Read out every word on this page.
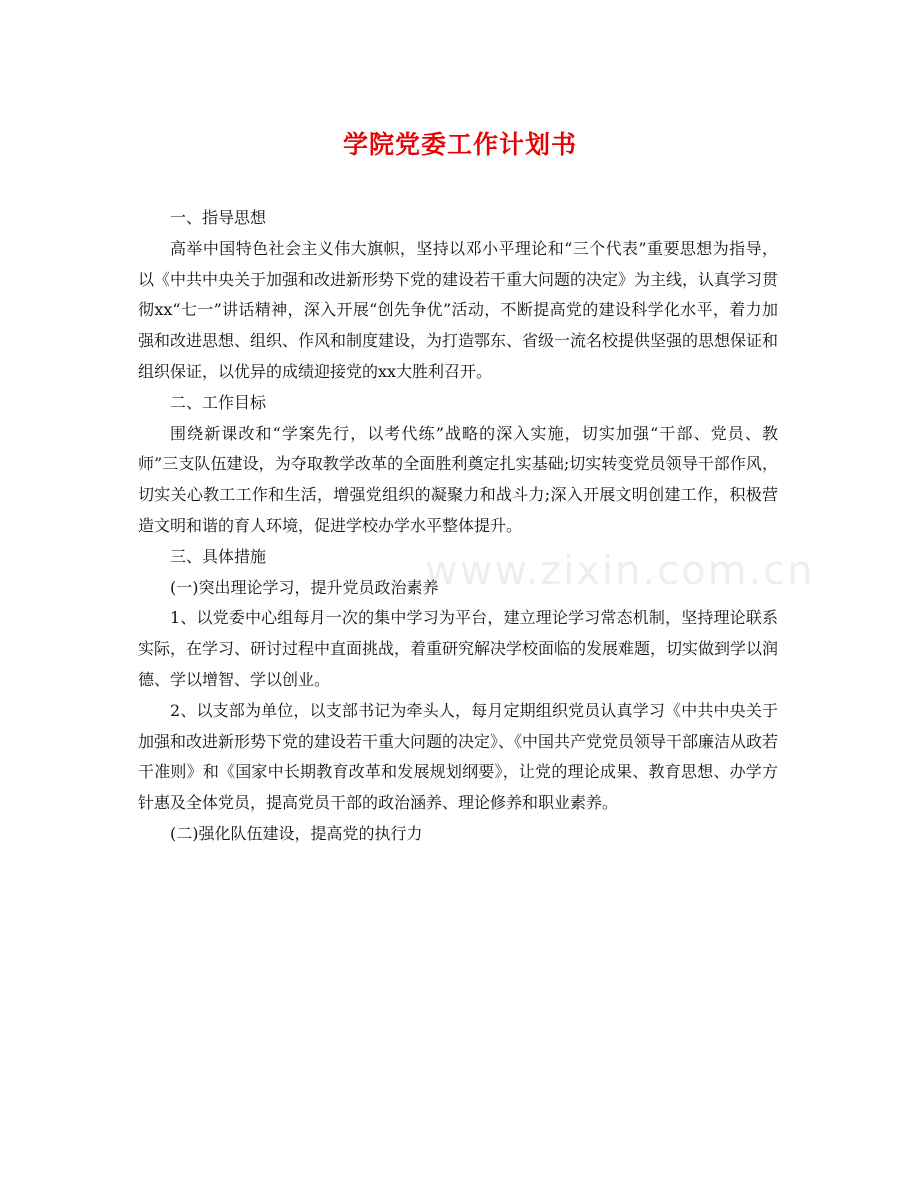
www.zixin.com.cn
学院党委工作计划书

一、指导思想

高举中国特色社会主义伟大旗帜，坚持以邓小平理论和“三个代表”重要思想为指导，以《中共中央关于加强和改进新形势下党的建设若干重大问题的决定》为主线，认真学习贯彻xx“七一”讲话精神，深入开展“创先争优”活动，不断提高党的建设科学化水平，着力加强和改进思想、组织、作风和制度建设，为打造鄂东、省级一流名校提供坚强的思想保证和组织保证，以优异的成绩迎接党的xx大胜利召开。

二、工作目标

围绕新课改和“学案先行，以考代练”战略的深入实施，切实加强“干部、党员、教师”三支队伍建设，为夺取教学改革的全面胜利奠定扎实基础;切实转变党员领导干部作风，切实关心教工工作和生活，增强党组织的凝聚力和战斗力;深入开展文明创建工作，积极营造文明和谐的育人环境，促进学校办学水平整体提升。

三、具体措施

(一)突出理论学习，提升党员政治素养

1、以党委中心组每月一次的集中学习为平台，建立理论学习常态机制，坚持理论联系实际，在学习、研讨过程中直面挑战，着重研究解决学校面临的发展难题，切实做到学以润德、学以增智、学以创业。

2、以支部为单位，以支部书记为牵头人，每月定期组织党员认真学习《中共中央关于加强和改进新形势下党的建设若干重大问题的决定》、《中国共产党党员领导干部廉洁从政若干准则》和《国家中长期教育改革和发展规划纲要》，让党的理论成果、教育思想、办学方针惠及全体党员，提高党员干部的政治涵养、理论修养和职业素养。

(二)强化队伍建设，提高党的执行力
